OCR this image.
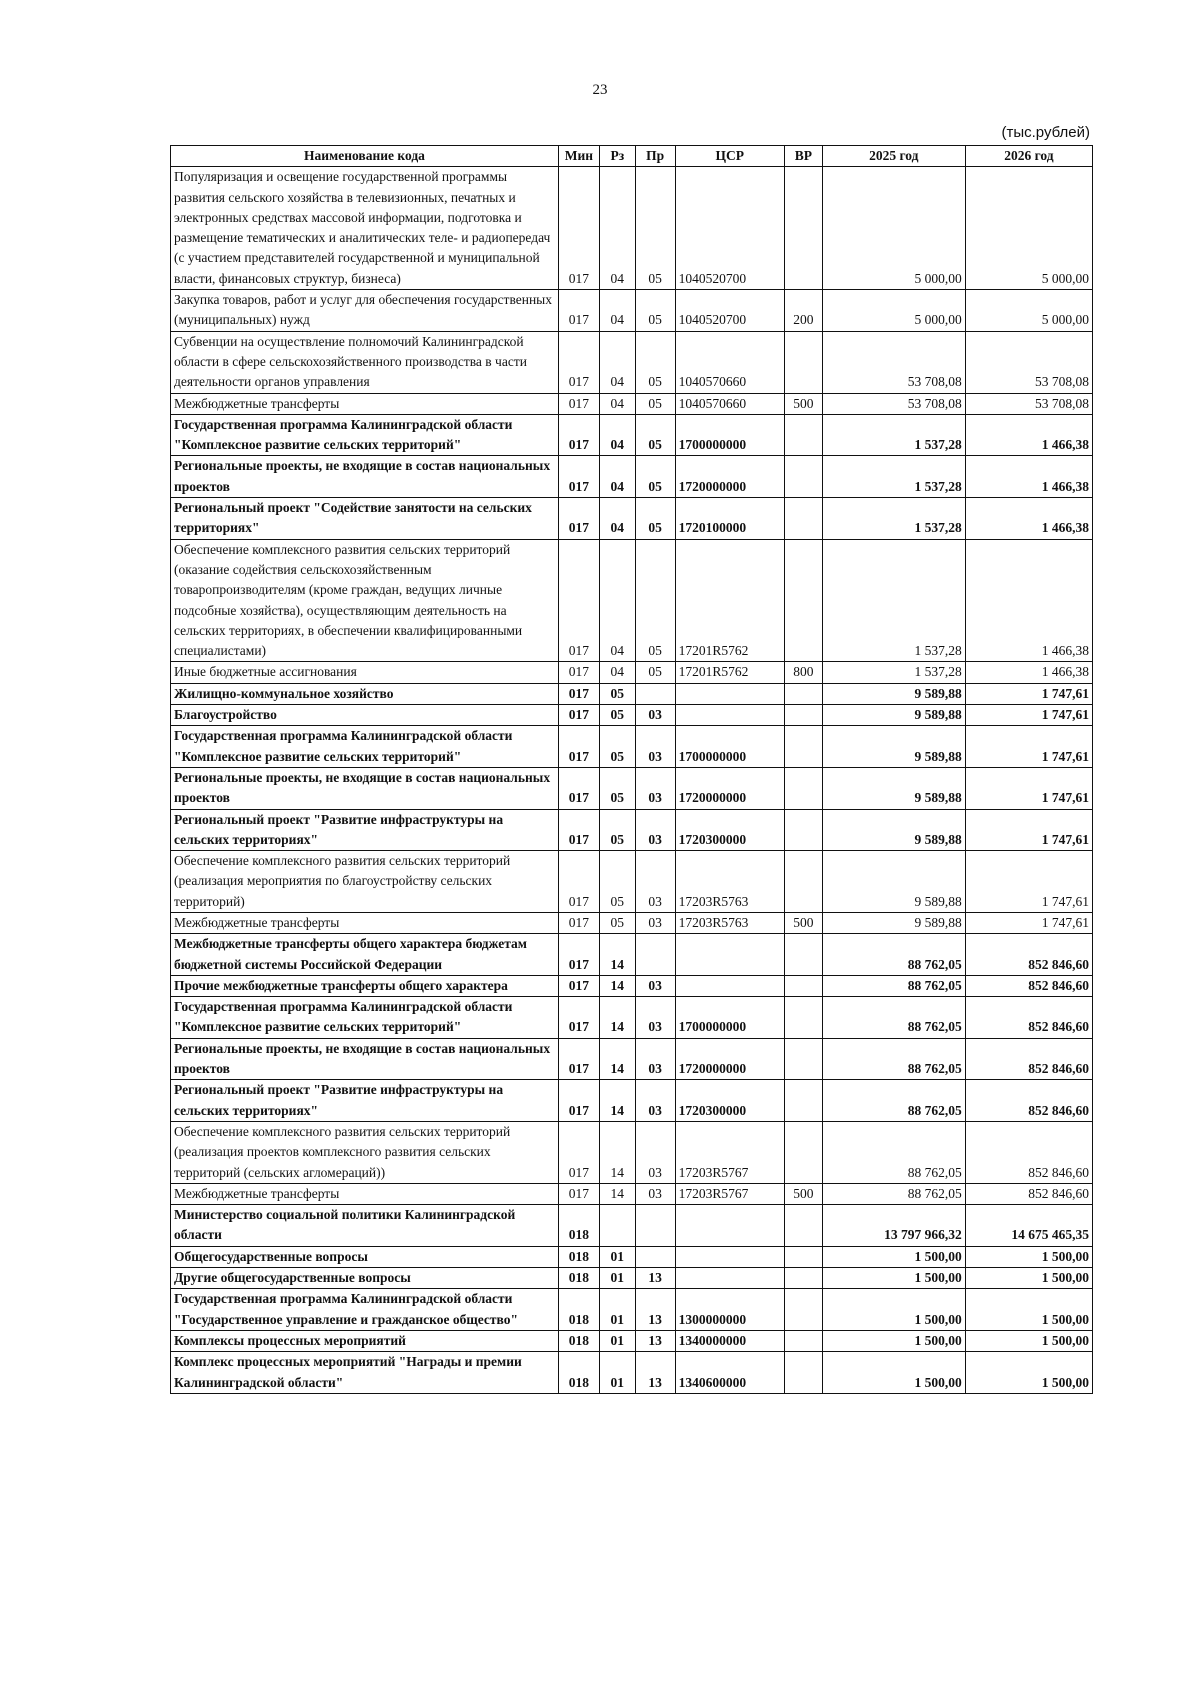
23
(тыс.рублей)
Наименование кода	Мин	Рз	Пр	ЦСР	ВР	2025 год	2026 год
Популяризация и освещение государственной программы развития сельского хозяйства в телевизионных, печатных и электронных средствах массовой информации, подготовка и размещение тематических и аналитических теле- и радиопередач (с участием представителей государственной и муниципальной власти, финансовых структур, бизнеса)	017	04	05	1040520700		5 000,00	5 000,00
Закупка товаров, работ и услуг для обеспечения государственных (муниципальных) нужд	017	04	05	1040520700	200	5 000,00	5 000,00
Субвенции на осуществление полномочий Калининградской области в сфере сельскохозяйственного производства в части деятельности органов управления	017	04	05	1040570660		53 708,08	53 708,08
Межбюджетные трансферты	017	04	05	1040570660	500	53 708,08	53 708,08
Государственная программа Калининградской области "Комплексное развитие сельских территорий"	017	04	05	1700000000		1 537,28	1 466,38
Региональные проекты, не входящие в состав национальных проектов	017	04	05	1720000000		1 537,28	1 466,38
Региональный проект "Содействие занятости на сельских территориях"	017	04	05	1720100000		1 537,28	1 466,38
Обеспечение комплексного развития сельских территорий (оказание содействия сельскохозяйственным товаропроизводителям (кроме граждан, ведущих личные подсобные хозяйства), осуществляющим деятельность на сельских территориях, в обеспечении квалифицированными специалистами)	017	04	05	17201R5762		1 537,28	1 466,38
Иные бюджетные ассигнования	017	04	05	17201R5762	800	1 537,28	1 466,38
Жилищно-коммунальное хозяйство	017	05				9 589,88	1 747,61
Благоустройство	017	05	03			9 589,88	1 747,61
Государственная программа Калининградской области "Комплексное развитие сельских территорий"	017	05	03	1700000000		9 589,88	1 747,61
Региональные проекты, не входящие в состав национальных проектов	017	05	03	1720000000		9 589,88	1 747,61
Региональный проект "Развитие инфраструктуры на сельских территориях"	017	05	03	1720300000		9 589,88	1 747,61
Обеспечение комплексного развития сельских территорий (реализация мероприятия по благоустройству сельских территорий)	017	05	03	17203R5763		9 589,88	1 747,61
Межбюджетные трансферты	017	05	03	17203R5763	500	9 589,88	1 747,61
Межбюджетные трансферты общего характера бюджетам бюджетной системы Российской Федерации	017	14				88 762,05	852 846,60
Прочие межбюджетные трансферты общего характера	017	14	03			88 762,05	852 846,60
Государственная программа Калининградской области "Комплексное развитие сельских территорий"	017	14	03	1700000000		88 762,05	852 846,60
Региональные проекты, не входящие в состав национальных проектов	017	14	03	1720000000		88 762,05	852 846,60
Региональный проект "Развитие инфраструктуры на сельских территориях"	017	14	03	1720300000		88 762,05	852 846,60
Обеспечение комплексного развития сельских территорий (реализация проектов комплексного развития сельских территорий (сельских агломераций))	017	14	03	17203R5767		88 762,05	852 846,60
Межбюджетные трансферты	017	14	03	17203R5767	500	88 762,05	852 846,60
Министерство социальной политики Калининградской области	018					13 797 966,32	14 675 465,35
Общегосударственные вопросы	018	01				1 500,00	1 500,00
Другие общегосударственные вопросы	018	01	13			1 500,00	1 500,00
Государственная программа Калининградской области "Государственное управление и гражданское общество"	018	01	13	1300000000		1 500,00	1 500,00
Комплексы процессных мероприятий	018	01	13	1340000000		1 500,00	1 500,00
Комплекс процессных мероприятий "Награды и премии Калининградской области"	018	01	13	1340600000		1 500,00	1 500,00
